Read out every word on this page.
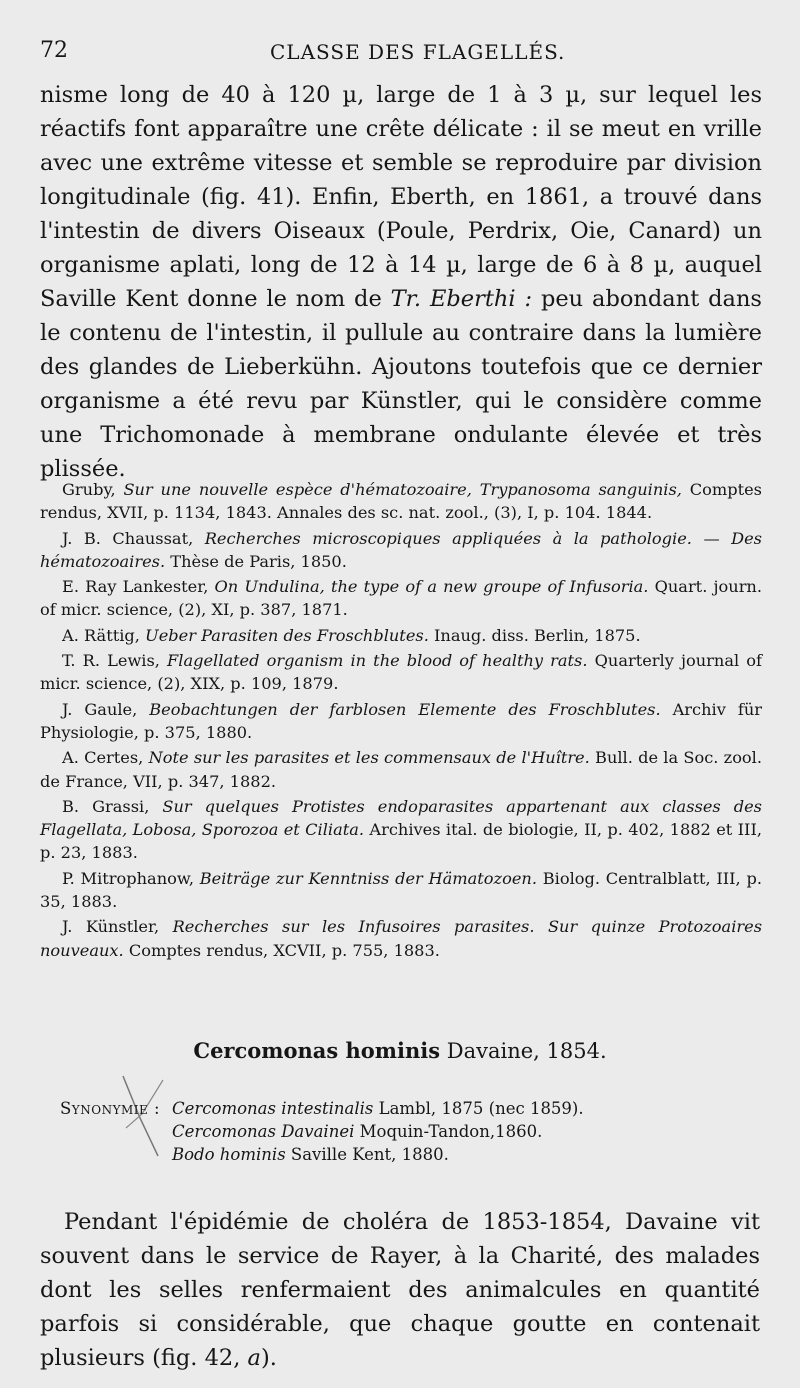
72	CLASSE DES FLAGELLÉS.

nisme long de 40 à 120 µ, large de 1 à 3 µ, sur lequel les réactifs font apparaître une crête délicate : il se meut en vrille avec une extrême vitesse et semble se reproduire par division longitudinale (fig. 41). Enfin, Eberth, en 1861, a trouvé dans l'intestin de divers Oiseaux (Poule, Perdrix, Oie, Canard) un organisme aplati, long de 12 à 14 µ, large de 6 à 8 µ, auquel Saville Kent donne le nom de Tr. Eberthi : peu abondant dans le contenu de l'intestin, il pullule au contraire dans la lumière des glandes de Lieberkühn. Ajoutons toutefois que ce dernier organisme a été revu par Künstler, qui le considère comme une Trichomonade à membrane ondulante élevée et très plissée.

Gruby, Sur une nouvelle espèce d'hématozoaire, Trypanosoma sanguinis, Comptes rendus, XVII, p. 1134, 1843. Annales des sc. nat. zool., (3), I, p. 104. 1844.

J. B. Chaussat, Recherches microscopiques appliquées à la pathologie. — Des hématozoaires. Thèse de Paris, 1850.

E. Ray Lankester, On Undulina, the type of a new groupe of Infusoria. Quart. journ. of micr. science, (2), XI, p. 387, 1871.

A. Rättig, Ueber Parasiten des Froschblutes. Inaug. diss. Berlin, 1875.

T. R. Lewis, Flagellated organism in the blood of healthy rats. Quarterly journal of micr. science, (2), XIX, p. 109, 1879.

J. Gaule, Beobachtungen der farblosen Elemente des Froschblutes. Archiv für Physiologie, p. 375, 1880.

A. Certes, Note sur les parasites et les commensaux de l'Huître. Bull. de la Soc. zool. de France, VII, p. 347, 1882.

B. Grassi, Sur quelques Protistes endoparasites appartenant aux classes des Flagellata, Lobosa, Sporozoa et Ciliata. Archives ital. de biologie, II, p. 402, 1882 et III, p. 23, 1883.

P. Mitrophanow, Beiträge zur Kenntniss der Hämatozoen. Biolog. Centralblatt, III, p. 35, 1883.

J. Künstler, Recherches sur les Infusoires parasites. Sur quinze Protozoaires nouveaux. Comptes rendus, XCVII, p. 755, 1883.

Cercomonas hominis Davaine, 1854.
Synonymie : Cercomonas intestinalis Lambl, 1875 (nec 1859).
Cercomonas Davainei Moquin-Tandon,1860.
Bodo hominis Saville Kent, 1880.

Pendant l'épidémie de choléra de 1853-1854, Davaine vit souvent dans le service de Rayer, à la Charité, des malades dont les selles renfermaient des animalcules en quantité parfois si considérable, que chaque goutte en contenait plusieurs (fig. 42, a).
